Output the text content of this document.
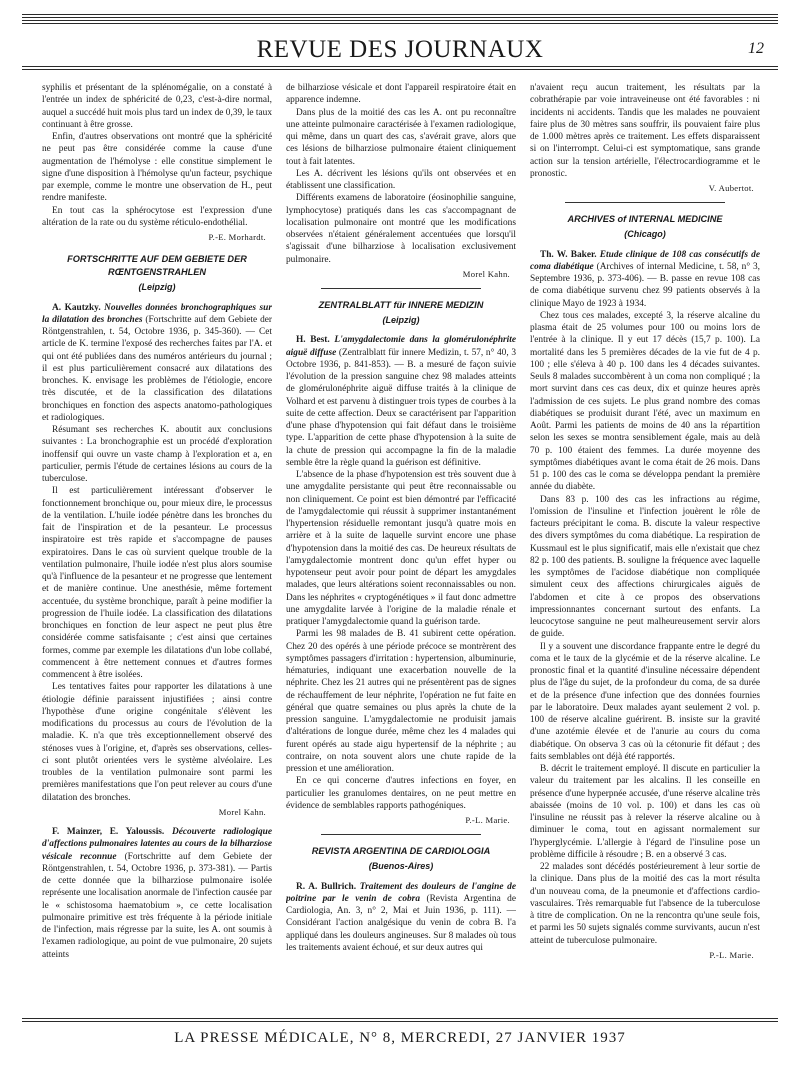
REVUE DES JOURNAUX	12

syphilis et présentant de la splénomégalie, on a constaté à l'entrée un index de sphéricité de 0,23, c'est-à-dire normal, auquel a succédé huit mois plus tard un index de 0,39, le taux continuant à être grosse.

Enfin, d'autres observations ont montré que la sphéricité ne peut pas être considérée comme la cause d'une augmentation de l'hémolyse : elle constitue simplement le signe d'une disposition à l'hémolyse qu'un facteur, psychique par exemple, comme le montre une observation de H., peut rendre manifeste.

En tout cas la sphérocytose est l'expression d'une altération de la rate ou du système réticulo-endothélial.

P.-E. Morhardt.
FORTSCHRITTE AUF DEM GEBIETE DER RŒNTGENSTRAHLEN
(Leipzig)

A. Kautzky. Nouvelles données bronchographiques sur la dilatation des bronches (Fortschritte auf dem Gebiete der Röntgenstrahlen, t. 54, Octobre 1936, p. 345-360). — Cet article de K. termine l'exposé des recherches faites par l'A. et qui ont été publiées dans des numéros antérieurs du journal ; il est plus particulièrement consacré aux dilatations des bronches. K. envisage les problèmes de l'étiologie, encore très discutée, et de la classification des dilatations bronchiques en fonction des aspects anatomo-pathologiques et radiologiques.

Résumant ses recherches K. aboutit aux conclusions suivantes : La bronchographie est un procédé d'exploration inoffensif qui ouvre un vaste champ à l'exploration et a, en particulier, permis l'étude de certaines lésions au cours de la tuberculose.

Il est particulièrement intéressant d'observer le fonctionnement bronchique ou, pour mieux dire, le processus de la ventilation. L'huile iodée pénètre dans les bronches du fait de l'inspiration et de la pesanteur. Le processus inspiratoire est très rapide et s'accompagne de pauses expiratoires. Dans le cas où survient quelque trouble de la ventilation pulmonaire, l'huile iodée n'est plus alors soumise qu'à l'influence de la pesanteur et ne progresse que lentement et de manière continue. Une anesthésie, même fortement accentuée, du système bronchique, paraît à peine modifier la progression de l'huile iodée. La classification des dilatations bronchiques en fonction de leur aspect ne peut plus être considérée comme satisfaisante ; c'est ainsi que certaines formes, comme par exemple les dilatations d'un lobe collabé, commencent à être nettement connues et d'autres formes commencent à être isolées.

Les tentatives faites pour rapporter les dilatations à une étiologie définie paraissent injustifiées ; ainsi contre l'hypothèse d'une origine congénitale s'élèvent les modifications du processus au cours de l'évolution de la maladie. K. n'a que très exceptionnellement observé des sténoses vues à l'origine, et, d'après ses observations, celles-ci sont plutôt orientées vers le système alvéolaire. Les troubles de la ventilation pulmonaire sont parmi les premières manifestations que l'on peut relever au cours d'une dilatation des bronches.

Morel Kahn.

F. Mainzer, E. Yaloussis. Découverte radiologique d'affections pulmonaires latentes au cours de la bilharziose vésicale reconnue (Fortschritte auf dem Gebiete der Röntgenstrahlen, t. 54, Octobre 1936, p. 373-381). — Partis de cette donnée que la bilharziose pulmonaire isolée représente une localisation anormale de l'infection causée par le « schistosoma haematobium », ce cette localisation pulmonaire primitive est très fréquente à la période initiale de l'infection, mais régresse par la suite, les A. ont soumis à l'examen radiologique, au point de vue pulmonaire, 20 sujets atteints

de bilharziose vésicale et dont l'appareil respiratoire était en apparence indemne.

Dans plus de la moitié des cas les A. ont pu reconnaître une atteinte pulmonaire caractérisée à l'examen radiologique, qui même, dans un quart des cas, s'avérait grave, alors que ces lésions de bilharziose pulmonaire étaient cliniquement tout à fait latentes.

Les A. décrivent les lésions qu'ils ont observées et en établissent une classification.

Différents examens de laboratoire (éosinophilie sanguine, lymphocytose) pratiqués dans les cas s'accompagnant de localisation pulmonaire ont montré que les modifications observées n'étaient généralement accentuées que lorsqu'il s'agissait d'une bilharziose à localisation exclusivement pulmonaire.

Morel Kahn.
ZENTRALBLATT für INNERE MEDIZIN
(Leipzig)

H. Best. L'amygdalectomie dans la glomérulonéphrite aiguë diffuse (Zentralblatt für innere Medizin, t. 57, n° 40, 3 Octobre 1936, p. 841-853). — B. a mesuré de façon suivie l'évolution de la pression sanguine chez 98 malades atteints de glomérulonéphrite aiguë diffuse traités à la clinique de Volhard et est parvenu à distinguer trois types de courbes à la suite de cette affection. Deux se caractérisent par l'apparition d'une phase d'hypotension qui fait défaut dans le troisième type. L'apparition de cette phase d'hypotension à la suite de la chute de pression qui accompagne la fin de la maladie semble être la règle quand la guérison est définitive.

L'absence de la phase d'hypotension est très souvent due à une amygdalite persistante qui peut être reconnaissable ou non cliniquement. Ce point est bien démontré par l'efficacité de l'amygdalectomie qui réussit à supprimer instantanément l'hypertension résiduelle remontant jusqu'à quatre mois en arrière et à la suite de laquelle survint encore une phase d'hypotension dans la moitié des cas. De heureux résultats de l'amygdalectomie montrent donc qu'un effet hyper ou hypotenseur peut avoir pour point de départ les amygdales malades, que leurs altérations soient reconnaissables ou non. Dans les néphrites « cryptogénétiques » il faut donc admettre une amygdalite larvée à l'origine de la maladie rénale et pratiquer l'amygdalectomie quand la guérison tarde.

Parmi les 98 malades de B. 41 subirent cette opération. Chez 20 des opérés à une période précoce se montrèrent des symptômes passagers d'irritation : hypertension, albuminurie, hématuries, indiquant une exacerbation nouvelle de la néphrite. Chez les 21 autres qui ne présentèrent pas de signes de réchauffement de leur néphrite, l'opération ne fut faite en général que quatre semaines ou plus après la chute de la pression sanguine. L'amygdalectomie ne produisit jamais d'altérations de longue durée, même chez les 4 malades qui furent opérés au stade aigu hypertensif de la néphrite ; au contraire, on nota souvent alors une chute rapide de la pression et une amélioration.

En ce qui concerne d'autres infections en foyer, en particulier les granulomes dentaires, on ne peut mettre en évidence de semblables rapports pathogéniques.

P.-L. Marie.
REVISTA ARGENTINA DE CARDIOLOGIA
(Buenos-Aires)

R. A. Bullrich. Traitement des douleurs de l'angine de poitrine par le venin de cobra (Revista Argentina de Cardiologia, An. 3, n° 2, Mai et Juin 1936, p. 111). — Considérant l'action analgésique du venin de cobra B. l'a appliqué dans les douleurs angineuses. Sur 8 malades où tous les traitements avaient échoué, et sur deux autres qui

n'avaient reçu aucun traitement, les résultats par la cobrathérapie par voie intraveineuse ont été favorables : ni incidents ni accidents. Tandis que les malades ne pouvaient faire plus de 30 mètres sans souffrir, ils pouvaient faire plus de 1.000 mètres après ce traitement. Les effets disparaissent si on l'interrompt. Celui-ci est symptomatique, sans grande action sur la tension artérielle, l'électrocardiogramme et le pronostic.

V. Aubertot.
ARCHIVES of INTERNAL MEDICINE
(Chicago)

Th. W. Baker. Etude clinique de 108 cas consécutifs de coma diabétique (Archives of internal Medicine, t. 58, n° 3, Septembre 1936, p. 373-406). — B. passe en revue 108 cas de coma diabétique survenu chez 99 patients observés à la clinique Mayo de 1923 à 1934.

Chez tous ces malades, excepté 3, la réserve alcaline du plasma était de 25 volumes pour 100 ou moins lors de l'entrée à la clinique. Il y eut 17 décès (15,7 p. 100). La mortalité dans les 5 premières décades de la vie fut de 4 p. 100 ; elle s'éleva à 40 p. 100 dans les 4 décades suivantes. Seuls 8 malades succombèrent à un coma non compliqué ; la mort survint dans ces cas deux, dix et quinze heures après l'admission de ces sujets. Le plus grand nombre des comas diabétiques se produisit durant l'été, avec un maximum en Août. Parmi les patients de moins de 40 ans la répartition selon les sexes se montra sensiblement égale, mais au delà 70 p. 100 étaient des femmes. La durée moyenne des symptômes diabétiques avant le coma était de 26 mois. Dans 51 p. 100 des cas le coma se développa pendant la première année du diabète.

Dans 83 p. 100 des cas les infractions au régime, l'omission de l'insuline et l'infection jouèrent le rôle de facteurs précipitant le coma. B. discute la valeur respective des divers symptômes du coma diabétique. La respiration de Kussmaul est le plus significatif, mais elle n'existait que chez 82 p. 100 des patients. B. souligne la fréquence avec laquelle les symptômes de l'acidose diabétique non compliquée simulent ceux des affections chirurgicales aiguës de l'abdomen et cite à ce propos des observations impressionnantes concernant surtout des enfants. La leucocytose sanguine ne peut malheureusement servir alors de guide.

Il y a souvent une discordance frappante entre le degré du coma et le taux de la glycémie et de la réserve alcaline. Le pronostic final et la quantité d'insuline nécessaire dépendent plus de l'âge du sujet, de la profondeur du coma, de sa durée et de la présence d'une infection que des données fournies par le laboratoire. Deux malades ayant seulement 2 vol. p. 100 de réserve alcaline guérirent. B. insiste sur la gravité d'une azotémie élevée et de l'anurie au cours du coma diabétique. On observa 3 cas où la cétonurie fit défaut ; des faits semblables ont déjà été rapportés.

B. décrit le traitement employé. Il discute en particulier la valeur du traitement par les alcalins. Il les conseille en présence d'une hyperpnée accusée, d'une réserve alcaline très abaissée (moins de 10 vol. p. 100) et dans les cas où l'insuline ne réussit pas à relever la réserve alcaline ou à diminuer le coma, tout en agissant normalement sur l'hyperglycémie. L'allergie à l'égard de l'insuline pose un problème difficile à résoudre ; B. en a observé 3 cas.

22 malades sont décédés postérieurement à leur sortie de la clinique. Dans plus de la moitié des cas la mort résulta d'un nouveau coma, de la pneumonie et d'affections cardio-vasculaires. Très remarquable fut l'absence de la tuberculose à titre de complication. On ne la rencontra qu'une seule fois, et parmi les 50 sujets signalés comme survivants, aucun n'est atteint de tuberculose pulmonaire.

P.-L. Marie.
LA PRESSE MÉDICALE, N° 8, MERCREDI, 27 JANVIER 1937
